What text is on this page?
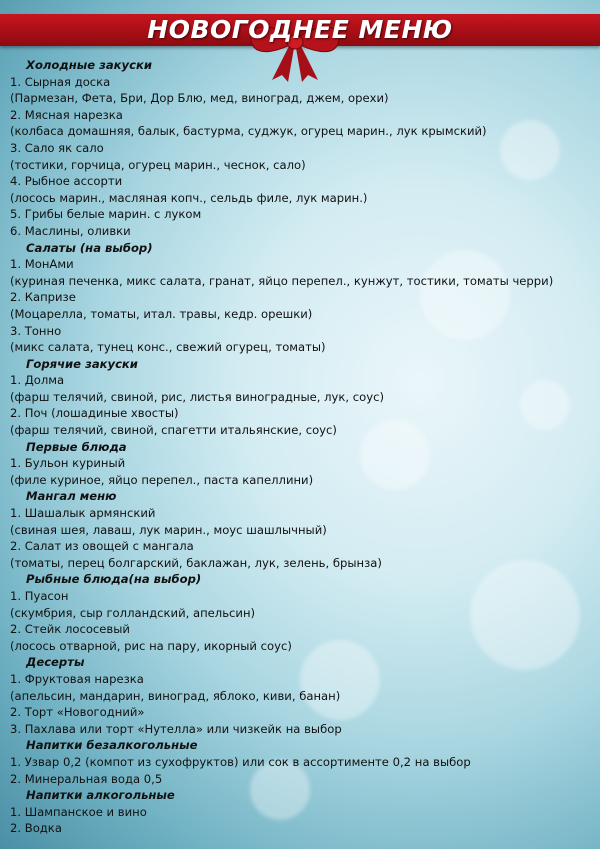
НОВОГОДНЕЕ МЕНЮ
Холодные закуски
1. Сырная доска
(Пармезан, Фета, Бри, Дор Блю, мед, виноград, джем, орехи)
2. Мясная нарезка
(колбаса домашняя, балык, бастурма, суджук, огурец марин., лук крымский)
3. Сало як сало
(тостики, горчица, огурец марин., чеснок, сало)
4. Рыбное ассорти
(лосось марин., масляная копч., сельдь филе, лук марин.)
5. Грибы белые марин. с луком
6. Маслины, оливки
Салаты (на выбор)
1. МонАми
(куриная печенка, микс салата, гранат, яйцо перепел., кунжут, тостики, томаты черри)
2. Капризе
(Моцарелла, томаты, итал. травы, кедр. орешки)
3. Тонно
(микс салата, тунец конс., свежий огурец, томаты)
Горячие закуски
1. Долма
(фарш телячий, свиной, рис, листья виноградные, лук, соус)
2. Поч (лошадиные хвосты)
(фарш телячий, свиной, спагетти итальянские, соус)
Первые блюда
1. Бульон куриный
(филе куриное, яйцо перепел., паста капеллини)
Мангал меню
1. Шашалык армянский
(свиная шея, лаваш, лук марин., моус шашлычный)
2. Салат из овощей с мангала
(томаты, перец болгарский, баклажан, лук, зелень, брынза)
Рыбные блюда(на выбор)
1. Пуасон
(скумбрия, сыр голландский, апельсин)
2. Стейк лососевый
(лосось отварной, рис на пару, икорный соус)
Десерты
1. Фруктовая нарезка
(апельсин, мандарин, виноград, яблоко, киви, банан)
2. Торт «Новогодний»
3. Пахлава или торт «Нутелла» или чизкейк на выбор
Напитки безалкогольные
1. Узвар 0,2 (компот из сухофруктов) или сок в ассортименте 0,2 на выбор
2. Минеральная вода 0,5
Напитки алкогольные
1. Шампанское и вино
2. Водка
